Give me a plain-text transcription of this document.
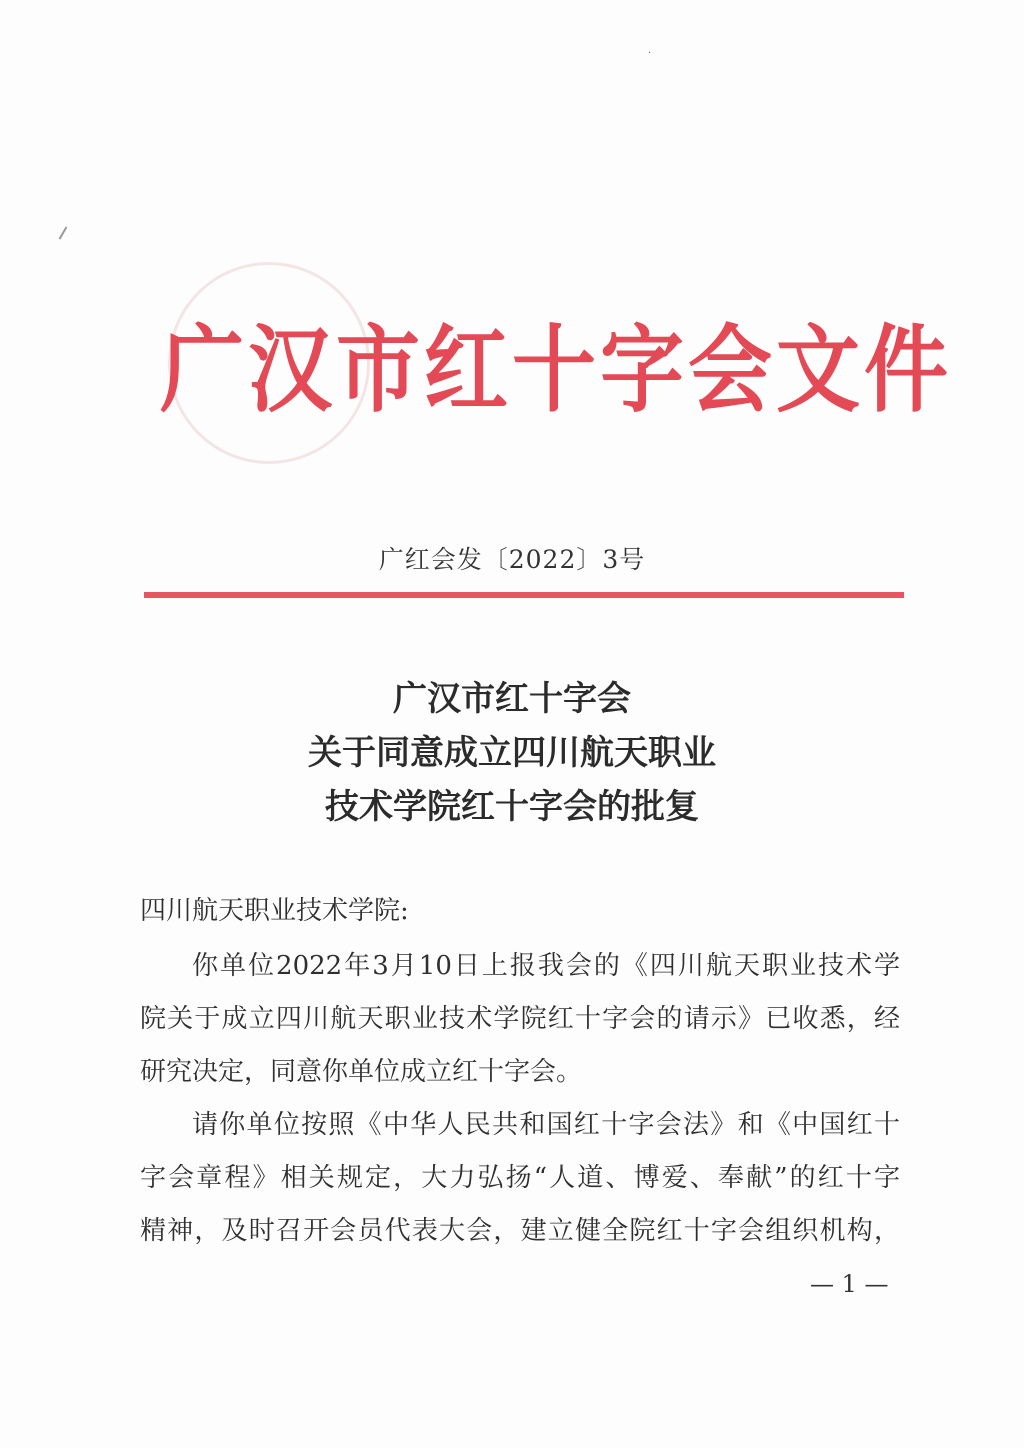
·
广汉市红十字会文件
广红会发〔2022〕3号
广汉市红十字会
关于同意成立四川航天职业
技术学院红十字会的批复
四川航天职业技术学院:
你单位2022年3月10日上报我会的《四川航天职业技术学
院关于成立四川航天职业技术学院红十字会的请示》已收悉，经
研究决定，同意你单位成立红十字会。
请你单位按照《中华人民共和国红十字会法》和《中国红十
字会章程》相关规定，大力弘扬“人道、博爱、奉献”的红十字
精神，及时召开会员代表大会，建立健全院红十字会组织机构，
— 1 —
